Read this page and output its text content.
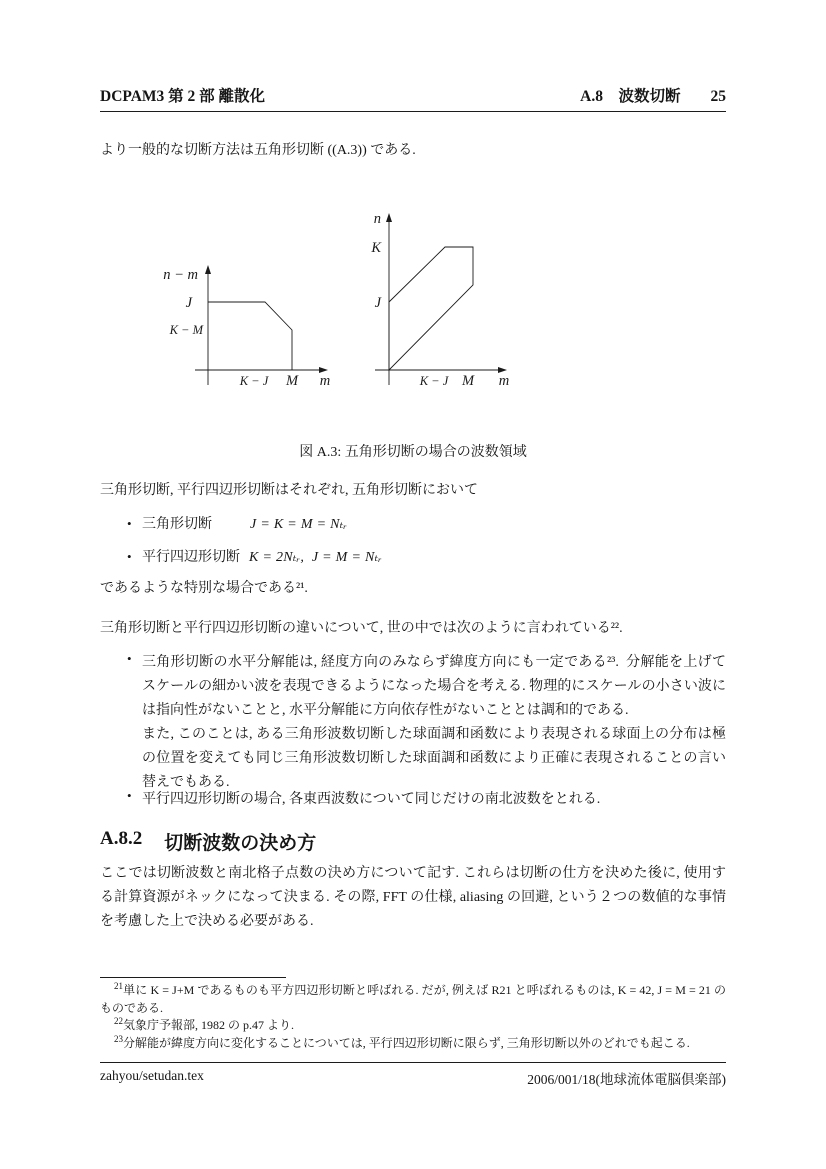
DCPAM3 第 2 部 離散化	A.8　波数切断 25
より一般的な切断方法は五角形切断 ((A.3)) である.
n − m
J
K − M
K − J M m
n
K
J
K − J M m
図 A.3: 五角形切断の場合の波数領域
三角形切断, 平行四辺形切断はそれぞれ, 五角形切断において
• 三角形切断	J = K = M = Nₜᵣ
• 平行四辺形切断 K = 2Nₜᵣ,  J = M = Nₜᵣ
であるような特別な場合である²¹.
三角形切断と平行四辺形切断の違いについて, 世の中では次のように言われている²².
• 三角形切断の水平分解能は, 経度方向のみならず緯度方向にも一定である²³. 分解能を上げてスケールの細かい波を表現できるようになった場合を考える. 物理的にスケールの小さい波には指向性がないことと, 水平分解能に方向依存性がないこととは調和的である.
また, このことは, ある三角形波数切断した球面調和函数により表現される球面上の分布は極の位置を変えても同じ三角形波数切断した球面調和函数により正確に表現されることの言い替えでもある.
• 平行四辺形切断の場合, 各東西波数について同じだけの南北波数をとれる.
A.8.2 切断波数の決め方
ここでは切断波数と南北格子点数の決め方について記す. これらは切断の仕方を決めた後に, 使用する計算資源がネックになって決まる. その際, FFT の仕様, aliasing の回避, という２つの数値的な事情を考慮した上で決める必要がある.
$^{21}$単に K = J+M であるものも平方四辺形切断と呼ばれる. だが, 例えば R21 と呼ばれるものは, K = 42, J = M = 21 のものである.
$^{22}$気象庁予報部, 1982 の p.47 より.
$^{23}$分解能が緯度方向に変化することについては, 平行四辺形切断に限らず, 三角形切断以外のどれでも起こる.
zahyou/setudan.tex	2006/001/18(地球流体電脳倶楽部)
